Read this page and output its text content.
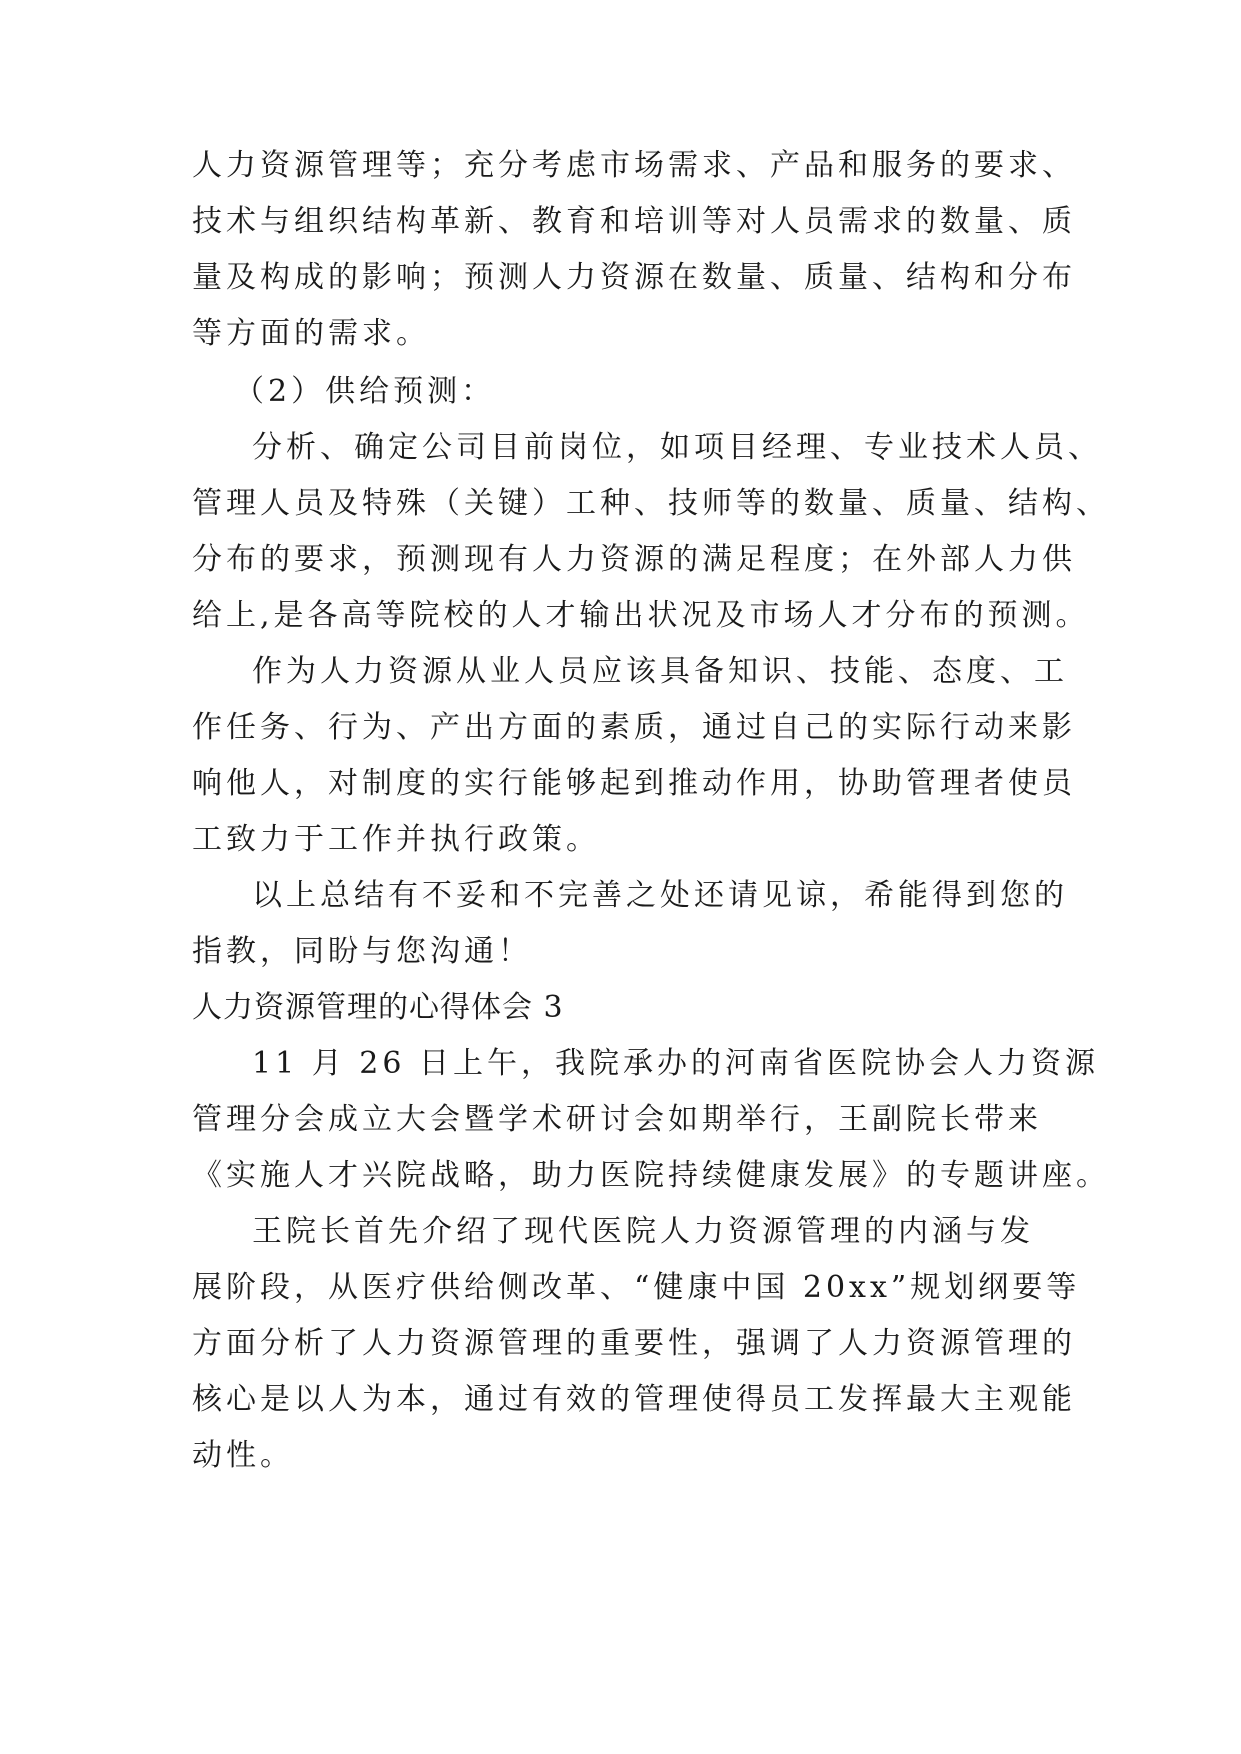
人力资源管理等；充分考虑市场需求、产品和服务的要求、
技术与组织结构革新、教育和培训等对人员需求的数量、质
量及构成的影响；预测人力资源在数量、质量、结构和分布
等方面的需求。
（2）供给预测：
分析、确定公司目前岗位，如项目经理、专业技术人员、
管理人员及特殊（关键）工种、技师等的数量、质量、结构、
分布的要求，预测现有人力资源的满足程度；在外部人力供
给上,是各高等院校的人才输出状况及市场人才分布的预测。
作为人力资源从业人员应该具备知识、技能、态度、工
作任务、行为、产出方面的素质，通过自己的实际行动来影
响他人，对制度的实行能够起到推动作用，协助管理者使员
工致力于工作并执行政策。
以上总结有不妥和不完善之处还请见谅，希能得到您的
指教，同盼与您沟通！
人力资源管理的心得体会 3
11 月 26 日上午，我院承办的河南省医院协会人力资源
管理分会成立大会暨学术研讨会如期举行，王副院长带来
《实施人才兴院战略，助力医院持续健康发展》的专题讲座。
王院长首先介绍了现代医院人力资源管理的内涵与发
展阶段，从医疗供给侧改革、“健康中国 20xx”规划纲要等
方面分析了人力资源管理的重要性，强调了人力资源管理的
核心是以人为本，通过有效的管理使得员工发挥最大主观能
动性。
